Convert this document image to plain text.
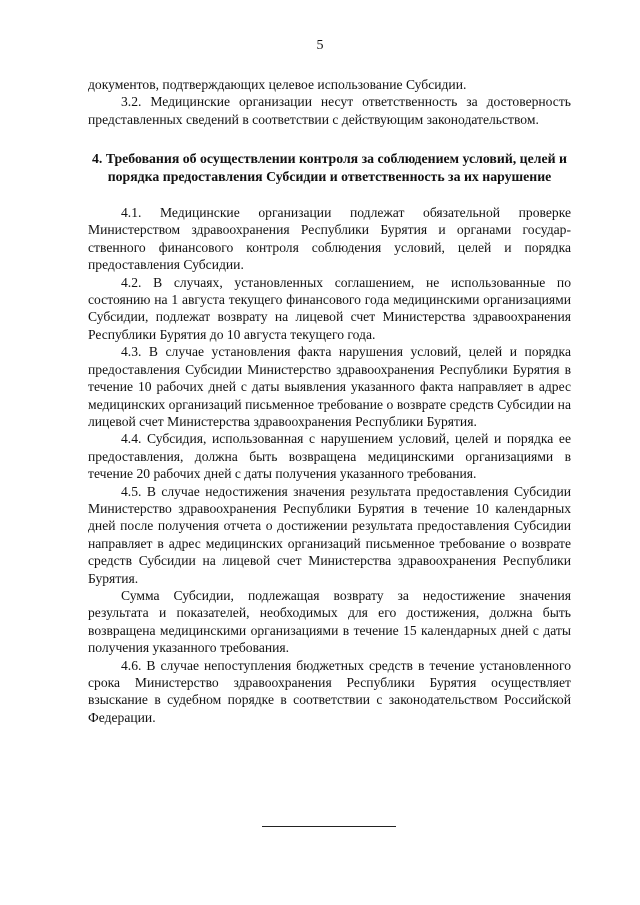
5

документов, подтверждающих целевое использование Субсидии.

3.2. Медицинские организации несут ответственность за достоверность представленных сведений в соответствии с действующим законодательством.

4. Требования об осуществлении контроля за соблюдением условий, целей и порядка предоставления Субсидии и ответственность за их нарушение

4.1. Медицинские организации подлежат обязательной проверке Министерством здравоохранения Республики Бурятия и органами государственного финансового контроля соблюдения условий, целей и порядка предоставления Субсидии.

4.2. В случаях, установленных соглашением, не использованные по состоянию на 1 августа текущего финансового года медицинскими организациями Субсидии, подлежат возврату на лицевой счет Министерства здравоохранения Республики Бурятия до 10 августа текущего года.

4.3. В случае установления факта нарушения условий, целей и порядка предоставления Субсидии Министерство здравоохранения Республики Бурятия в течение 10 рабочих дней с даты выявления указанного факта направляет в адрес медицинских организаций письменное требование о возврате средств Субсидии на лицевой счет Министерства здравоохранения Республики Бурятия.

4.4. Субсидия, использованная с нарушением условий, целей и порядка ее предоставления, должна быть возвращена медицинскими организациями в течение 20 рабочих дней с даты получения указанного требования.

4.5. В случае недостижения значения результата предоставления Субсидии Министерство здравоохранения Республики Бурятия в течение 10 календарных дней после получения отчета о достижении результата предоставления Субсидии направляет в адрес медицинских организаций письменное требование о возврате средств Субсидии на лицевой счет Министерства здравоохранения Республики Бурятия.

Сумма Субсидии, подлежащая возврату за недостижение значения результата и показателей, необходимых для его достижения, должна быть возвращена медицинскими организациями в течение 15 календарных дней с даты получения указанного требования.

4.6. В случае непоступления бюджетных средств в течение установленного срока Министерство здравоохранения Республики Бурятия осуществляет взыскание в судебном порядке в соответствии с законодательством Российской Федерации.
